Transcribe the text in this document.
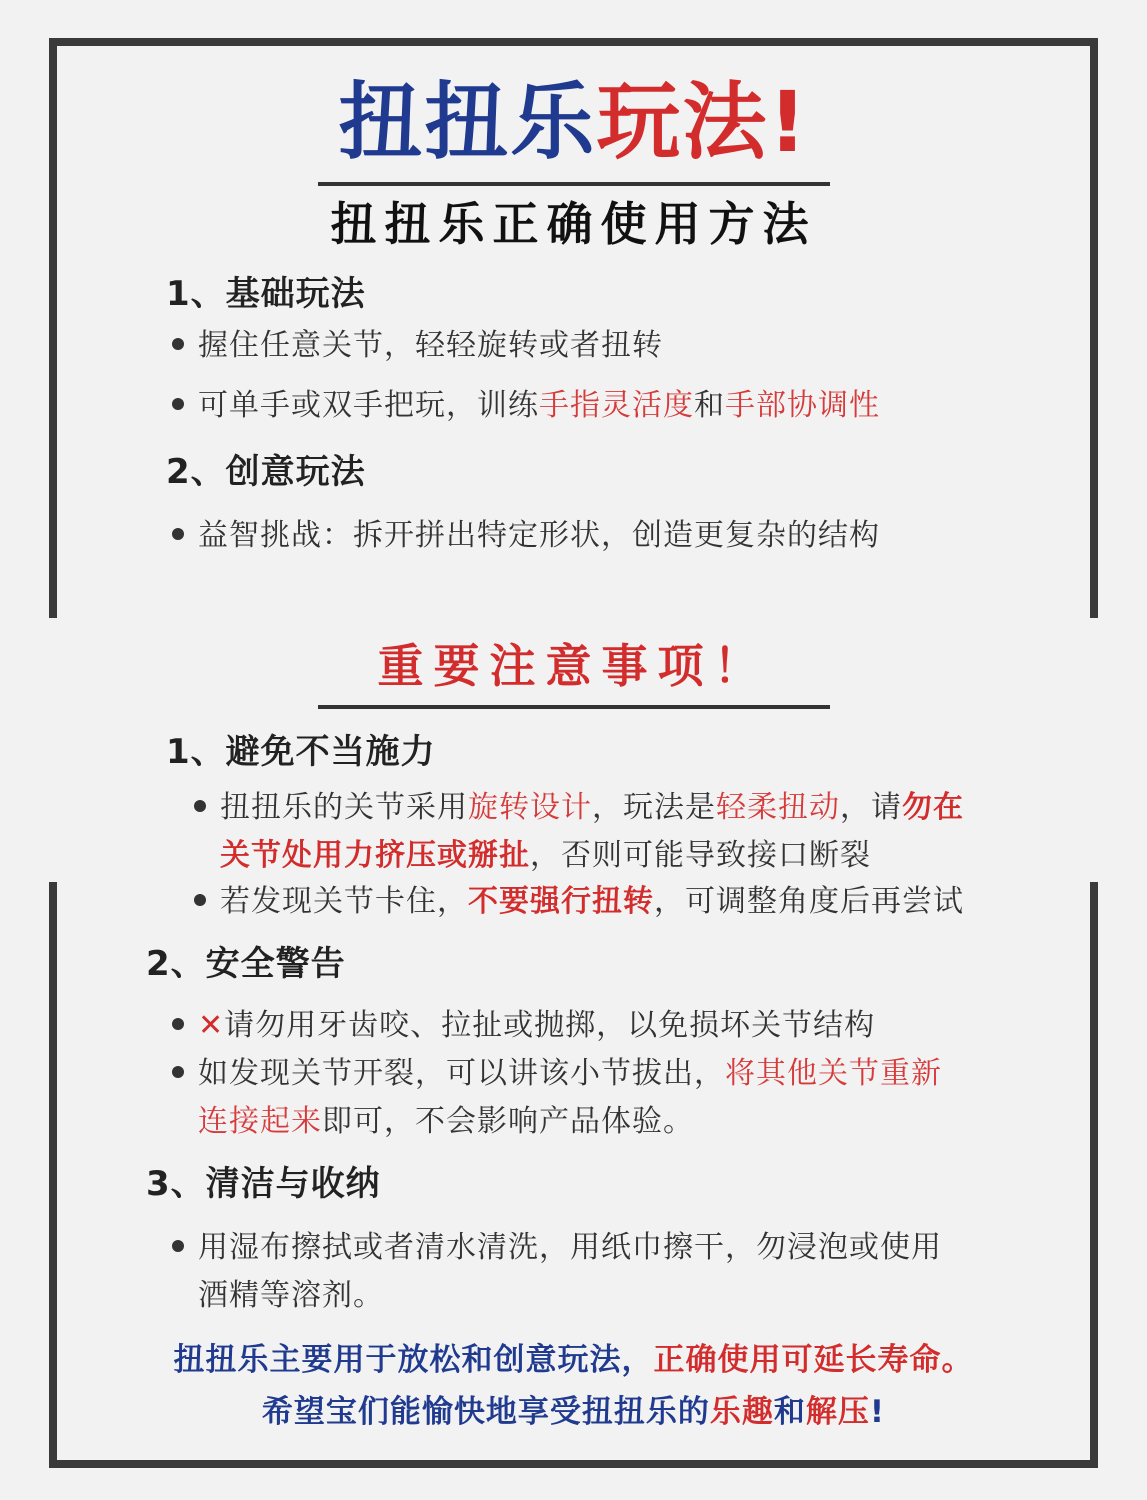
扭扭乐玩法!
扭扭乐正确使用方法
1、基础玩法
握住任意关节，轻轻旋转或者扭转
可单手或双手把玩，训练手指灵活度和手部协调性
2、创意玩法
益智挑战：拆开拼出特定形状，创造更复杂的结构
重要注意事项！
1、避免不当施力
扭扭乐的关节采用旋转设计，玩法是轻柔扭动，请勿在
关节处用力挤压或掰扯，否则可能导致接口断裂
若发现关节卡住，不要强行扭转，可调整角度后再尝试
2、安全警告
✕请勿用牙齿咬、拉扯或抛掷，以免损坏关节结构
如发现关节开裂，可以讲该小节拔出，将其他关节重新
连接起来即可，不会影响产品体验。
3、清洁与收纳
用湿布擦拭或者清水清洗，用纸巾擦干，勿浸泡或使用
酒精等溶剂。
扭扭乐主要用于放松和创意玩法，正确使用可延长寿命。
希望宝们能愉快地享受扭扭乐的乐趣和解压!
